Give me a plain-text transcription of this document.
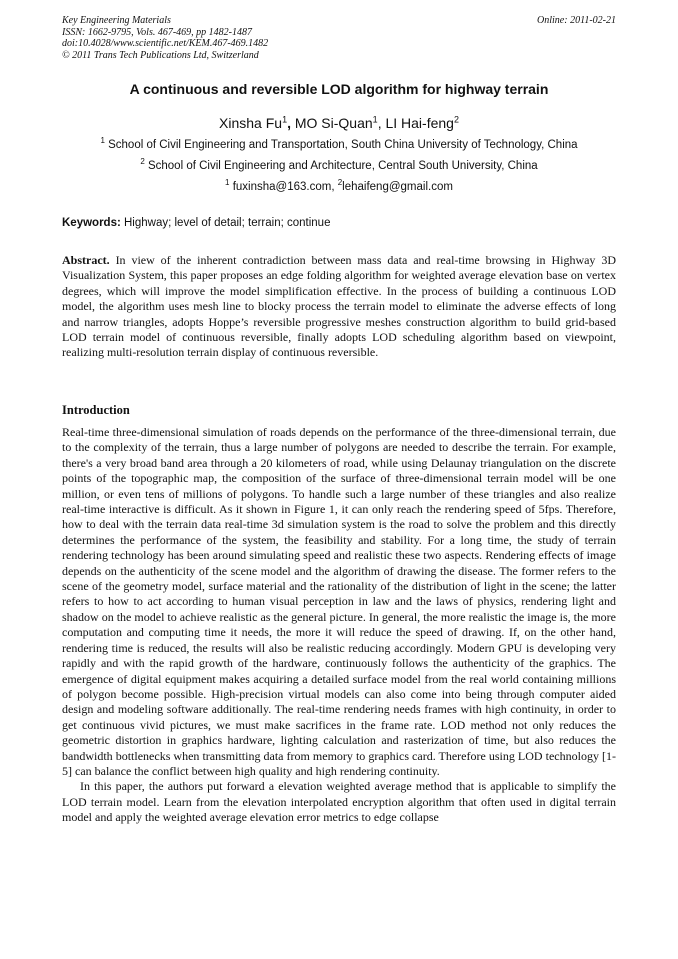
Key Engineering Materials
ISSN: 1662-9795, Vols. 467-469, pp 1482-1487
doi:10.4028/www.scientific.net/KEM.467-469.1482
© 2011 Trans Tech Publications Ltd, Switzerland
Online: 2011-02-21
A continuous and reversible LOD algorithm for highway terrain
Xinsha Fu$^1$, MO Si-Quan$^1$, LI Hai-feng$^2$
$^1$ School of Civil Engineering and Transportation, South China University of Technology, China
$^2$ School of Civil Engineering and Architecture, Central South University, China
$^1$ fuxinsha@163.com, $^2$lehaifeng@gmail.com
Keywords: Highway; level of detail; terrain; continue
Abstract. In view of the inherent contradiction between mass data and real-time browsing in Highway 3D Visualization System, this paper proposes an edge folding algorithm for weighted average elevation base on vertex degrees, which will improve the model simplification effective. In the process of building a continuous LOD model, the algorithm uses mesh line to blocky process the terrain model to eliminate the adverse effects of long and narrow triangles, adopts Hoppe’s reversible progressive meshes construction algorithm to build grid-based LOD terrain model of continuous reversible, finally adopts LOD scheduling algorithm based on viewpoint, realizing multi-resolution terrain display of continuous reversible.
Introduction

Real-time three-dimensional simulation of roads depends on the performance of the three-dimensional terrain, due to the complexity of the terrain, thus a large number of polygons are needed to describe the terrain. For example, there's a very broad band area through a 20 kilometers of road, while using Delaunay triangulation on the discrete points of the topographic map, the composition of the surface of three-dimensional terrain model will be one million, or even tens of millions of polygons. To handle such a large number of these triangles and also realize real-time interactive is difficult. As it shown in Figure 1, it can only reach the rendering speed of 5fps. Therefore, how to deal with the terrain data real-time 3d simulation system is the road to solve the problem and this directly determines the performance of the system, the feasibility and stability. For a long time, the study of terrain rendering technology has been around simulating speed and realistic these two aspects. Rendering effects of image depends on the authenticity of the scene model and the algorithm of drawing the disease. The former refers to the scene of the geometry model, surface material and the rationality of the distribution of light in the scene; the latter refers to how to act according to human visual perception in law and the laws of physics, rendering light and shadow on the model to achieve realistic as the general picture. In general, the more realistic the image is, the more computation and computing time it needs, the more it will reduce the speed of drawing. If, on the other hand, rendering time is reduced, the results will also be realistic reducing accordingly. Modern GPU is developing very rapidly and with the rapid growth of the hardware, continuously follows the authenticity of the graphics. The emergence of digital equipment makes acquiring a detailed surface model from the real world containing millions of polygon become possible. High-precision virtual models can also come into being through computer aided design and modeling software additionally. The real-time rendering needs frames with high continuity, in order to get continuous vivid pictures, we must make sacrifices in the frame rate. LOD method not only reduces the geometric distortion in graphics hardware, lighting calculation and rasterization of time, but also reduces the bandwidth bottlenecks when transmitting data from memory to graphics card. Therefore using LOD technology [1-5] can balance the conflict between high quality and high rendering continuity.

In this paper, the authors put forward a elevation weighted average method that is applicable to simplify the LOD terrain model. Learn from the elevation interpolated encryption algorithm that often used in digital terrain model and apply the weighted average elevation error metrics to edge collapse
